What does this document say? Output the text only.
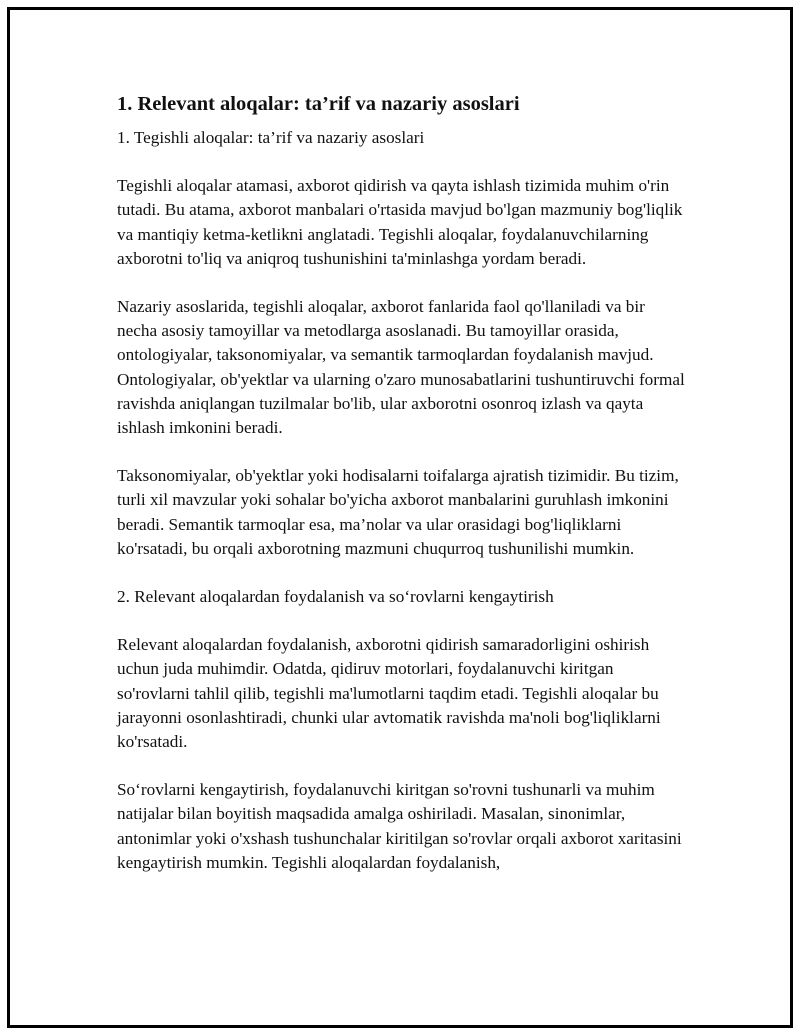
1. Relevant aloqalar: ta’rif va nazariy asoslari

1. Tegishli aloqalar: ta’rif va nazariy asoslari

Tegishli aloqalar atamasi, axborot qidirish va qayta ishlash tizimida muhim o'rin tutadi. Bu atama, axborot manbalari o'rtasida mavjud bo'lgan mazmuniy bog'liqlik va mantiqiy ketma-ketlikni anglatadi. Tegishli aloqalar, foydalanuvchilarning axborotni to'liq va aniqroq tushunishini ta'minlashga yordam beradi.

Nazariy asoslarida, tegishli aloqalar, axborot fanlarida faol qo'llaniladi va bir necha asosiy tamoyillar va metodlarga asoslanadi. Bu tamoyillar orasida, ontologiyalar, taksonomiyalar, va semantik tarmoqlardan foydalanish mavjud. Ontologiyalar, ob'yektlar va ularning o'zaro munosabatlarini tushuntiruvchi formal ravishda aniqlangan tuzilmalar bo'lib, ular axborotni osonroq izlash va qayta ishlash imkonini beradi.

Taksonomiyalar, ob'yektlar yoki hodisalarni toifalarga ajratish tizimidir. Bu tizim, turli xil mavzular yoki sohalar bo'yicha axborot manbalarini guruhlash imkonini beradi. Semantik tarmoqlar esa, ma’nolar va ular orasidagi bog'liqliklarni ko'rsatadi, bu orqali axborotning mazmuni chuqurroq tushunilishi mumkin.

2. Relevant aloqalardan foydalanish va so‘rovlarni kengaytirish

Relevant aloqalardan foydalanish, axborotni qidirish samaradorligini oshirish uchun juda muhimdir. Odatda, qidiruv motorlari, foydalanuvchi kiritgan so'rovlarni tahlil qilib, tegishli ma'lumotlarni taqdim etadi. Tegishli aloqalar bu jarayonni osonlashtiradi, chunki ular avtomatik ravishda ma'noli bog'liqliklarni ko'rsatadi.

So‘rovlarni kengaytirish, foydalanuvchi kiritgan so'rovni tushunarli va muhim natijalar bilan boyitish maqsadida amalga oshiriladi. Masalan, sinonimlar, antonimlar yoki o'xshash tushunchalar kiritilgan so'rovlar orqali axborot xaritasini kengaytirish mumkin. Tegishli aloqalardan foydalanish,
